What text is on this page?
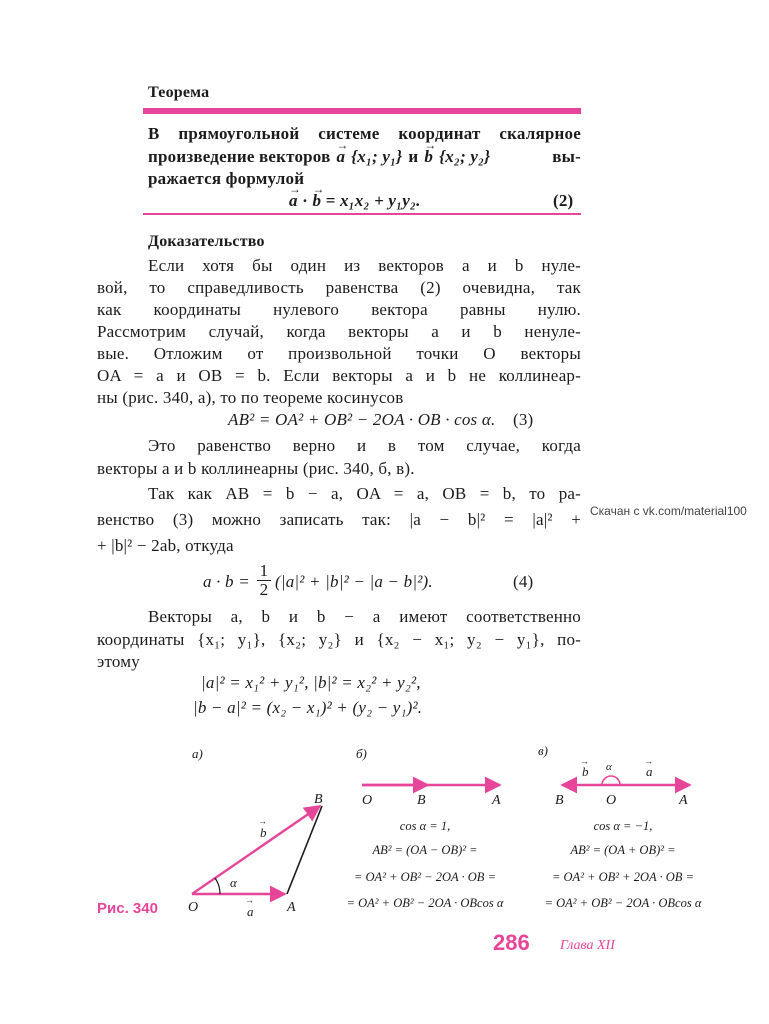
Теорема
В прямоугольной системе координат скалярное
произведение векторов → a {x₁; y₁} и → b {x₂; y₂}	вы-
ражается формулой
→ a · → b = x₁x₂ + y₁y₂.	(2)
Доказательство
Если хотя бы один из векторов a и b нуле-
вой, то справедливость равенства (2) очевидна, так
как координаты нулевого вектора равны нулю.
Рассмотрим случай, когда векторы a и b ненуле-
вые. Отложим от произвольной точки O векторы
OA = a и OB = b. Если векторы a и b не коллинеар-
ны (рис. 340, а), то по теореме косинусов
AB² = OA² + OB² − 2OA · OB · cos α. (3)
Это равенство верно и в том случае, когда
векторы a и b коллинеарны (рис. 340, б, в).
Так как AB = b − a, OA = a, OB = b, то ра-
венство (3) можно записать так: |a − b|² = |a|² +
+ |b|² − 2ab, откуда
$a \cdot b = \frac{1}{2} (|a|^2 + |b|^2 - |a - b|^2)$.	(4)
Векторы a, b и b − a имеют соответственно
координаты {x₁; y₁}, {x₂; y₂} и {x₂ − x₁; y₂ − y₁}, по-
этому
|a|² = x₁² + y₁², |b|² = x₂² + y₂²,
|b − a|² = (x₂ − x₁)² + (y₂ − y₁)².
Скачан с vk.com/material100
а)
α
O	A
B
a
→
b
→
б)
O	B	A
в)
α
b
→
a
→
B	O	A
cos α = 1,
AB² = (OA − OB)² =
= OA² + OB² − 2OA · OB =
= OA² + OB² − 2OA · OBcos α
cos α = −1,
AB² = (OA + OB)² =
= OA² + OB² + 2OA · OB =
= OA² + OB² − 2OA · OBcos α
Рис. 340
286 Глава XII
